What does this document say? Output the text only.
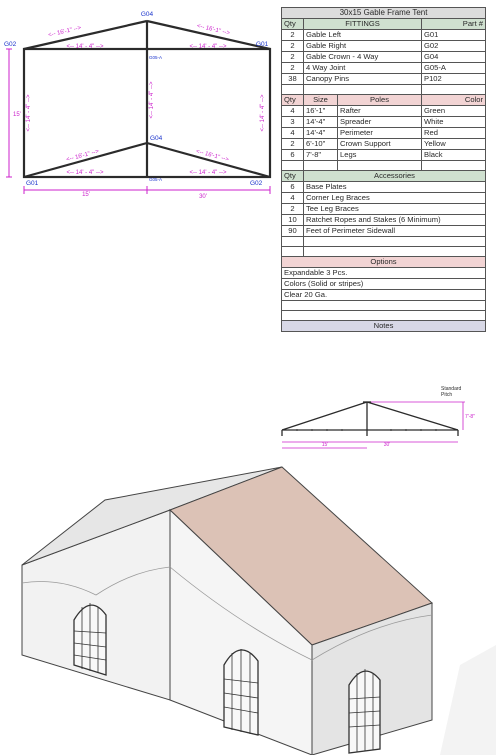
G04
G02	G01
G05-A
G04
G01
G05-A
G02
<-- 16'-1" -->	<-- 16'-1" -->
<-- 14' - 4" -->	<-- 14' - 4" -->
<-- 16'-1" -->	<-- 16'-1" -->
<-- 14' - 4" -->	<-- 14' - 4" -->
<-- 14' - 4" -->	<-- 14' - 4" -->	<-- 14' - 4" -->
15'
15'	30'
30x15 Gable Frame Tent			
Qty	FITTINGS		Part #
2	Gable Left		G01
2	Gable Right		G02
2	Gable Crown - 4 Way		G04
2	4 Way Joint		G05-A
38	Canopy Pins		P102

Qty	Size	Poles	Color
4	16'-1"	Rafter	Green
3	14'-4"	Spreader	White
4	14'-4"	Perimeter	Red
2	6'-10"	Crown Support	Yellow
6	7'-8"	Legs	Black

Qty	Accessories		
6	Base Plates		
4	Corner Leg Braces		
2	Tee Leg Braces		
10	Ratchet Ropes and Stakes (6 Minimum)		
90	Feet of Perimeter Sidewall		

Options			
Expandable 3 Pcs.			
Colors (Solid or stripes)			
Clear 20 Ga.			

Notes			
Standard
Pitch
7'-8"
15'	30'
